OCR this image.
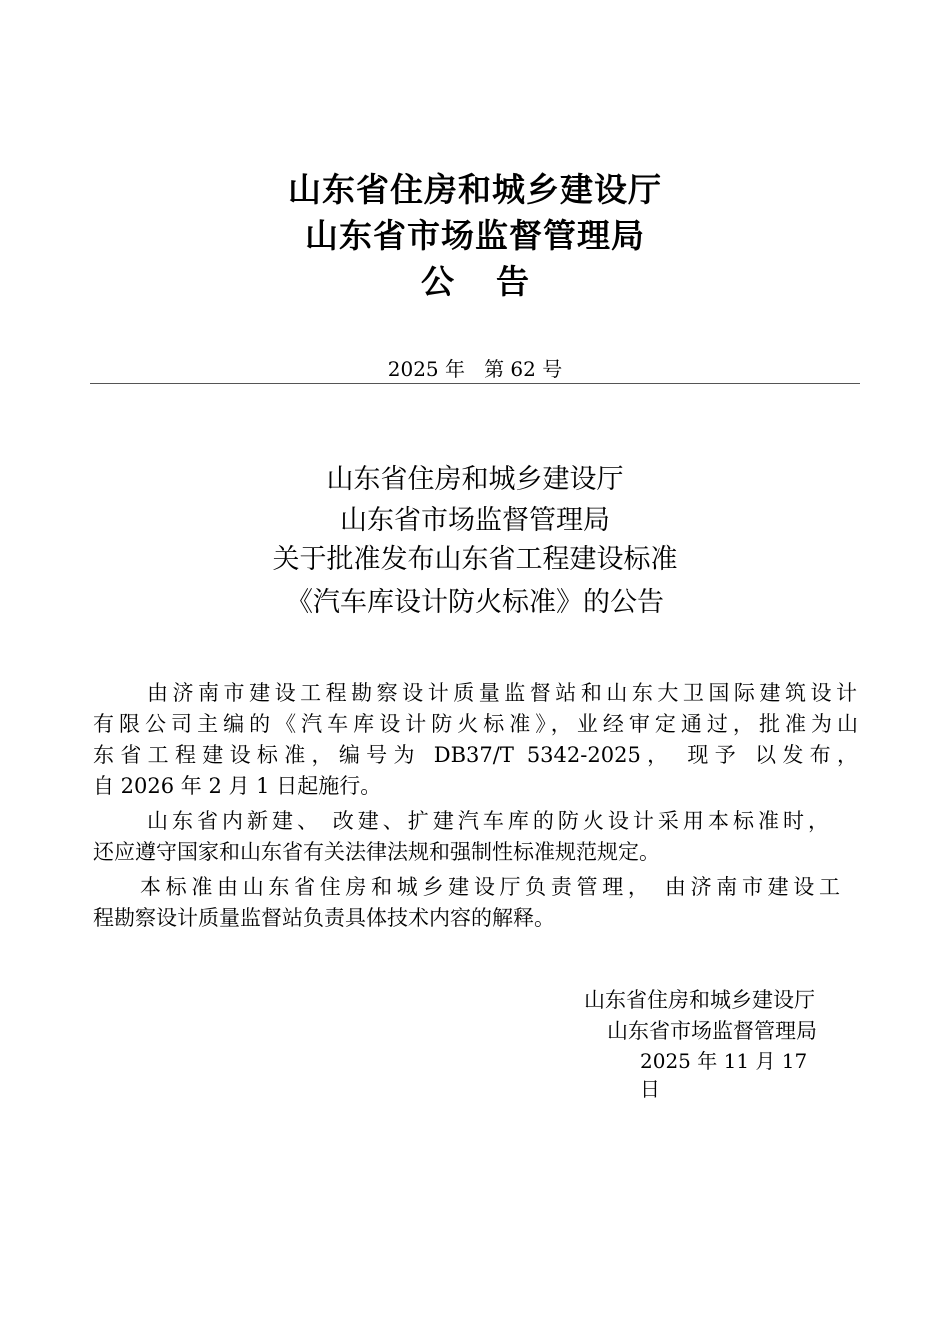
山东省住房和城乡建设厅
山东省市场监督管理局
公告
2025 年   第 62 号
山东省住房和城乡建设厅
山东省市场监督管理局
关于批准发布山东省工程建设标准
《汽车库设计防火标准》的公告
由济南市建设工程勘察设计质量监督站和山东大卫国际建筑设计
有限公司主编的《汽车库设计防火标准》，业经审定通过，批准为山
东省工程建设标准，编号为 DB37/T 5342-2025， 现予 以发布，
自 2026 年 2 月 1 日起施行。
山东省内新建、 改建、扩建汽车库的防火设计采用本标准时，
还应遵守国家和山东省有关法律法规和强制性标准规范规定。
本标准由山东省住房和城乡建设厅负责管理， 由济南市建设工
程勘察设计质量监督站负责具体技术内容的解释。
山东省住房和城乡建设厅
山东省市场监督管理局
2025 年 11 月 17
日
